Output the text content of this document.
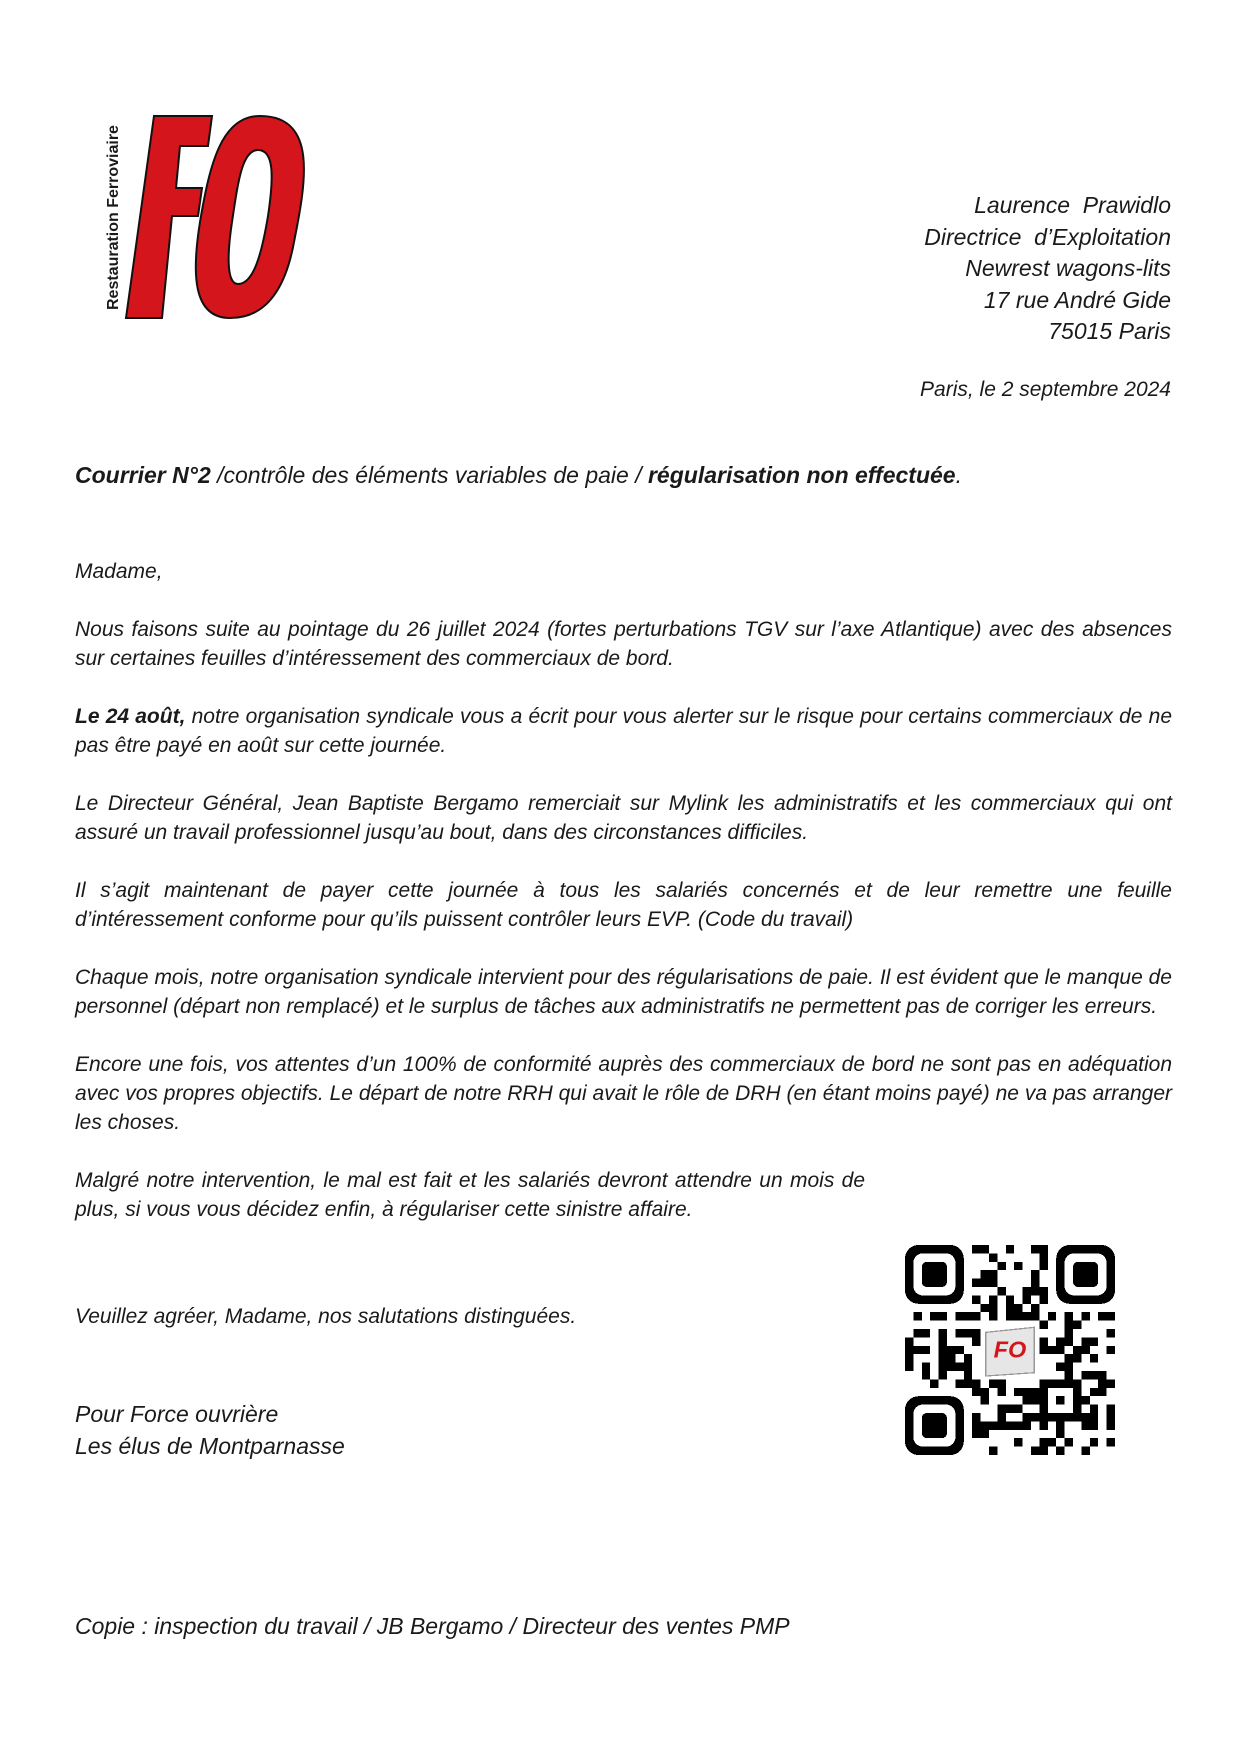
Restauration Ferroviaire	Laurence  Prawidlo
Directrice  d’Exploitation
Newrest wagons-lits
17 rue André Gide
75015 Paris
Paris, le 2 septembre 2024
Courrier N°2 /contrôle des éléments variables de paie / régularisation non effectuée.

Madame,

Nous faisons suite au pointage du 26 juillet 2024 (fortes perturbations TGV sur l’axe Atlantique) avec des absences sur certaines feuilles d’intéressement des commerciaux de bord.

Le 24 août, notre organisation syndicale vous a écrit pour vous alerter sur le risque pour certains commerciaux de ne pas être payé en août sur cette journée.

Le Directeur Général, Jean Baptiste Bergamo remerciait sur Mylink les administratifs et les commerciaux qui ont assuré un travail professionnel jusqu’au bout, dans des circonstances difficiles.

Il s’agit maintenant de payer cette journée à tous les salariés concernés et de leur remettre une feuille d’intéressement conforme pour qu’ils puissent contrôler leurs EVP. (Code du travail)

Chaque mois, notre organisation syndicale intervient pour des régularisations de paie. Il est évident que le manque de personnel (départ non remplacé) et le surplus de tâches aux administratifs ne permettent pas de corriger les erreurs.

Encore une fois, vos attentes d’un 100% de conformité auprès des commerciaux de bord ne sont pas en adéquation avec vos propres objectifs. Le départ de notre RRH qui avait le rôle de DRH (en étant moins payé) ne va pas arranger les choses.

Malgré notre intervention, le mal est fait et les salariés devront attendre un mois de plus, si vous vous décidez enfin, à régulariser cette sinistre affaire.

Veuillez agréer, Madame, nos salutations distinguées.
Pour Force ouvrière
Les élus de Montparnasse
Copie : inspection du travail / JB Bergamo / Directeur des ventes PMP
FO
